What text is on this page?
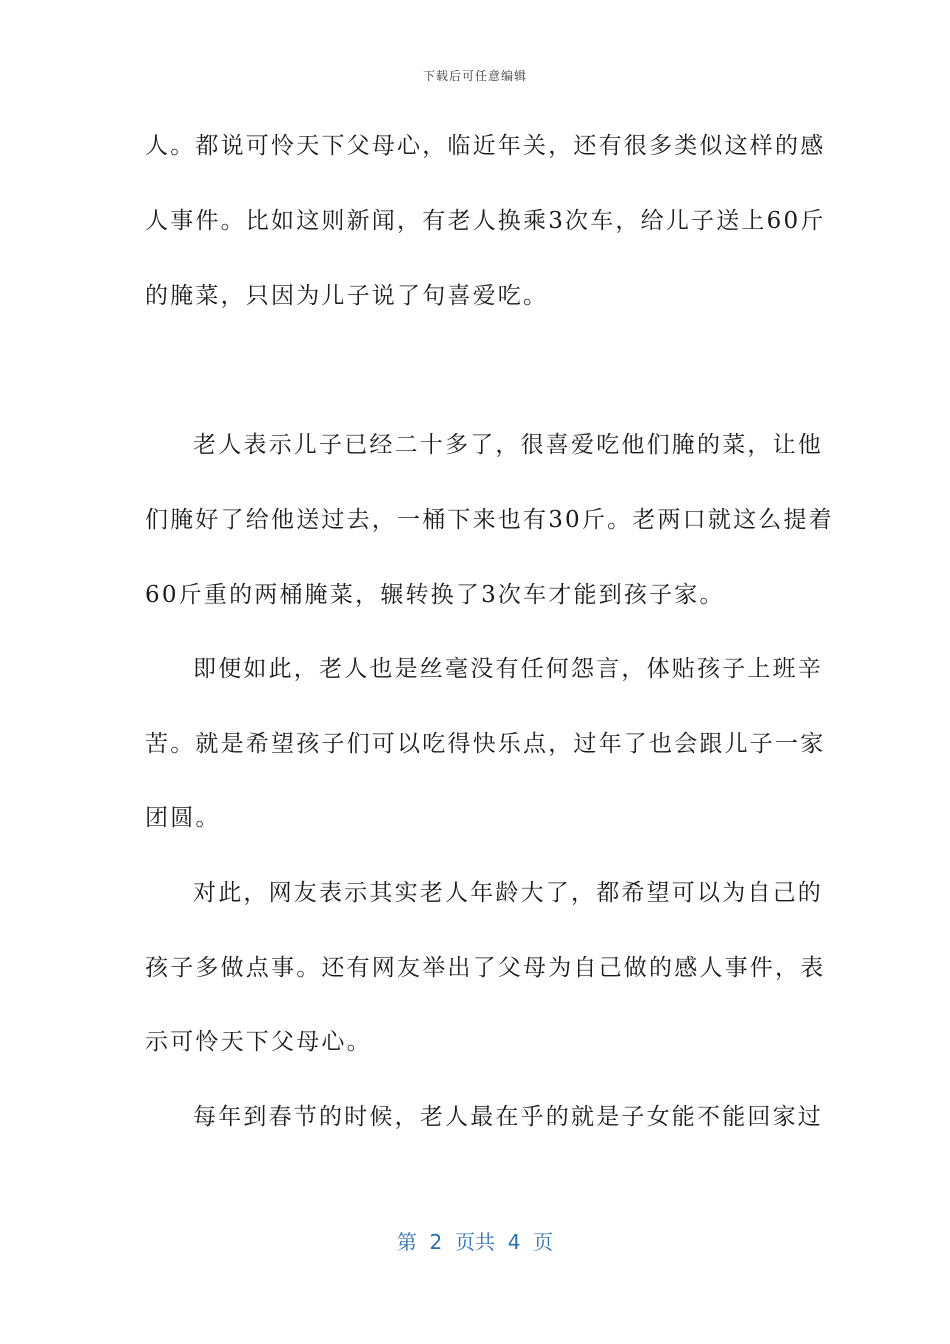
下载后可任意编辑
人。都说可怜天下父母心，临近年关，还有很多类似这样的感
人事件。比如这则新闻，有老人换乘3次车，给儿子送上60斤
的腌菜，只因为儿子说了句喜爱吃。
老人表示儿子已经二十多了，很喜爱吃他们腌的菜，让他
们腌好了给他送过去，一桶下来也有30斤。老两口就这么提着
60斤重的两桶腌菜，辗转换了3次车才能到孩子家。
即便如此，老人也是丝毫没有任何怨言，体贴孩子上班辛
苦。就是希望孩子们可以吃得快乐点，过年了也会跟儿子一家
团圆。
对此，网友表示其实老人年龄大了，都希望可以为自己的
孩子多做点事。还有网友举出了父母为自己做的感人事件，表
示可怜天下父母心。
每年到春节的时候，老人最在乎的就是子女能不能回家过
第  2  页共  4  页
